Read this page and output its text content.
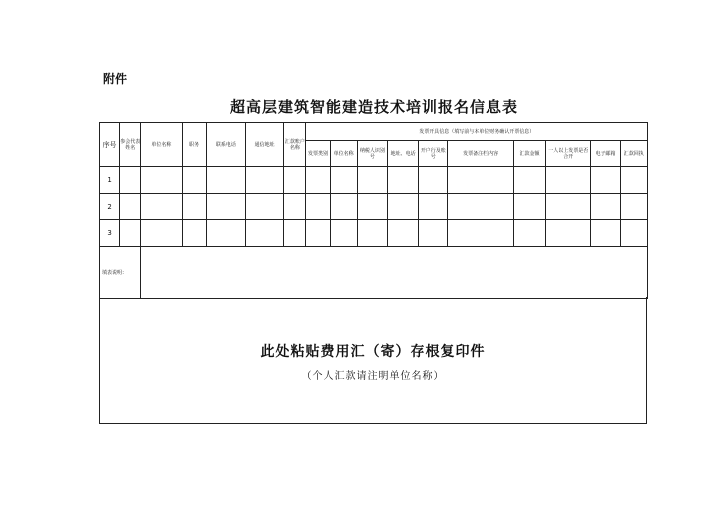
附件
超高层建筑智能建造技术培训报名信息表
序号	参会代表姓名	单位名称	职务	联系电话	通信地址	汇款账户名称	发票开具信息（填写前与本单位财务确认开票信息）									
							发票类别	单位名称	纳税人识别号	地址、电话	开户行及账号	发票备注栏内容	汇款金额	一人以上发票是否合开	电子邮箱	汇款回执
1																
2																
3																
填表说明：																
此处粘贴费用汇（寄）存根复印件
（个人汇款请注明单位名称）
